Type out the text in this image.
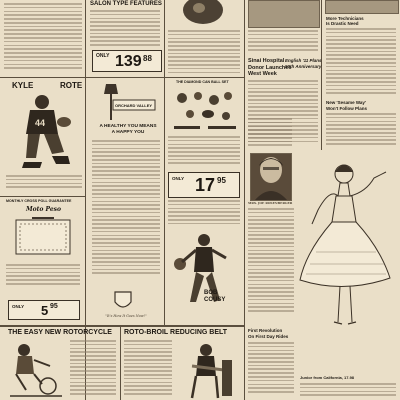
SALON TYPE FEATURES
ONLY 139 88
More Technicians
Is Drastic Need
Sinai Hospital
Donor Launches
West Week
English '11 Plans
50th Anniversary
New 'Sesame Way'
Won't Follow Plans
KYLE	ROTE
44
ORCHARD VALLEY
A HEALTHY YOU MEANS
A HAPPY YOU
"It's How It Goes Now!"
THE DIAMOND CAN BALL SET
ONLY 17 95
BOB
COUSY
MONTHLY CROSS POLL GUARANTEE
Moto Peso
ONLY 5 95
MRS. JOE ROSENBERGER
Junior from California, 17.98
First Revolution
On First Day Rides
THE EASY NEW ROTORCYCLE ROTO-BROIL REDUCING BELT
